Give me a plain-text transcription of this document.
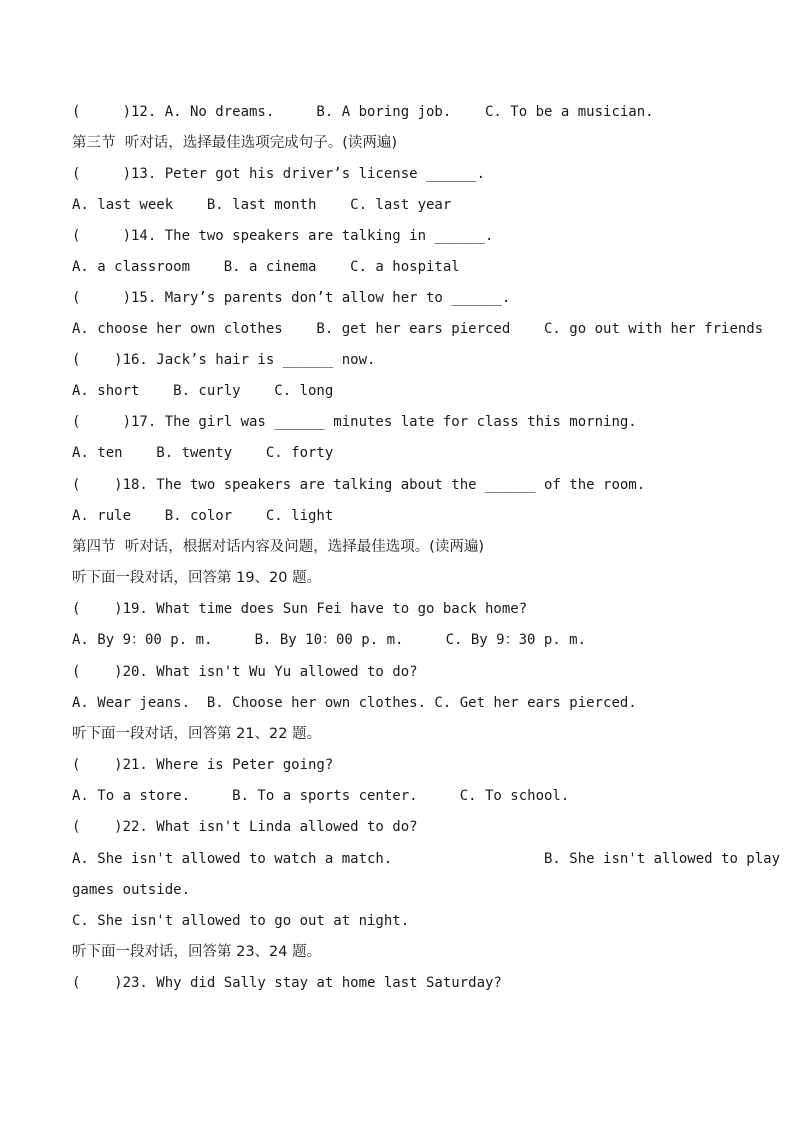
(     )12. A. No dreams.     B. A boring job.    C. To be a musician.
第三节  听对话，选择最佳选项完成句子。(读两遍)
(     )13. Peter got his driver’s license ______.
A. last week    B. last month    C. last year
(     )14. The two speakers are talking in ______.
A. a classroom    B. a cinema    C. a hospital
(     )15. Mary’s parents don’t allow her to ______.
A. choose her own clothes    B. get her ears pierced    C. go out with her friends
(    )16. Jack’s hair is ______ now.
A. short    B. curly    C. long
(     )17. The girl was ______ minutes late for class this morning.
A. ten    B. twenty    C. forty
(    )18. The two speakers are talking about the ______ of the room.
A. rule    B. color    C. light
第四节  听对话，根据对话内容及问题，选择最佳选项。(读两遍)
听下面一段对话，回答第 19、20 题。
(    )19. What time does Sun Fei have to go back home?
A. By 9：00 p. m.     B. By 10：00 p. m.     C. By 9：30 p. m.
(    )20. What isn't Wu Yu allowed to do?
A. Wear jeans.  B. Choose her own clothes. C. Get her ears pierced.
听下面一段对话，回答第 21、22 题。
(    )21. Where is Peter going?
A. To a store.     B. To a sports center.     C. To school.
(    )22. What isn't Linda allowed to do?
A. She isn't allowed to watch a match.                  B. She isn't allowed to play
games outside.
C. She isn't allowed to go out at night.
听下面一段对话，回答第 23、24 题。
(    )23. Why did Sally stay at home last Saturday?
